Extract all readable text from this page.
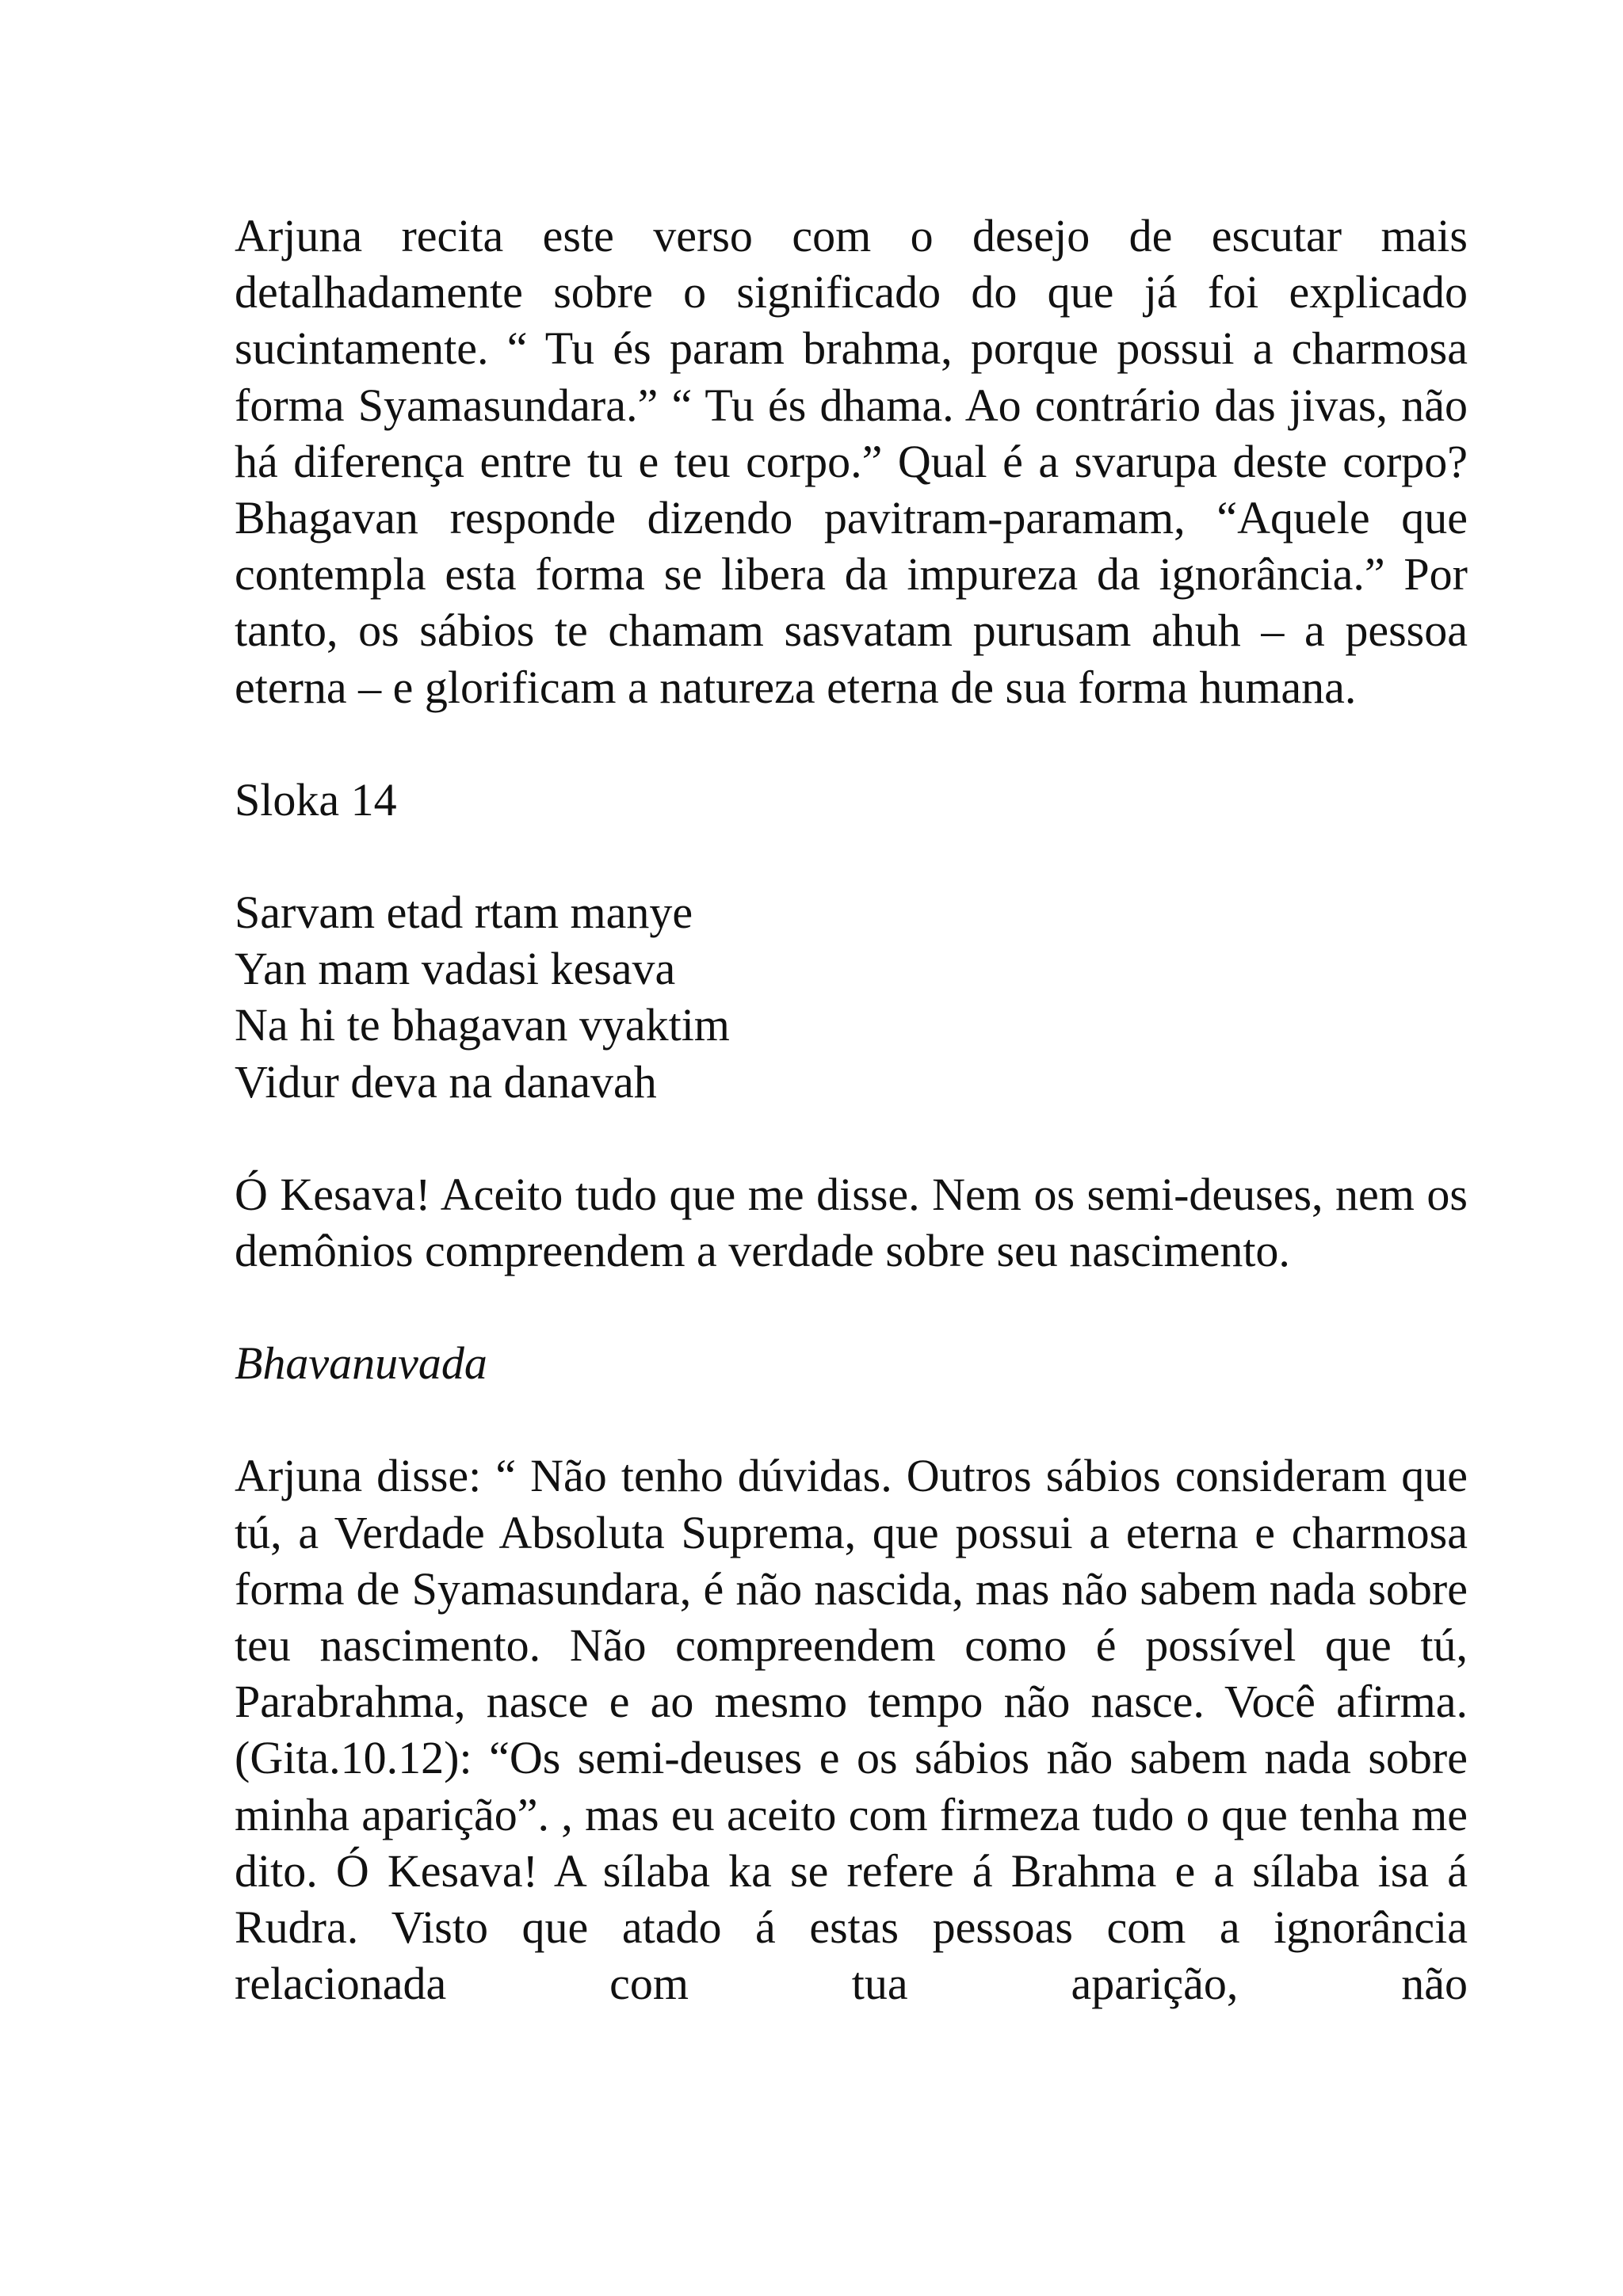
Arjuna recita este verso com o desejo de escutar mais detalhadamente sobre o significado do que já foi explicado sucintamente. “ Tu és param brahma, porque possui a charmosa forma Syamasundara.” “ Tu és dhama. Ao contrário das jivas, não há diferença entre tu e teu corpo.” Qual é a svarupa deste corpo? Bhagavan responde dizendo pavitram-paramam, “Aquele que contempla esta forma se libera da impureza da ignorância.” Por tanto, os sábios te chamam sasvatam purusam ahuh – a pessoa eterna – e glorificam a natureza eterna de sua forma humana.

Sloka 14
Sarvam etad rtam manye
Yan mam vadasi kesava
Na hi te bhagavan vyaktim
Vidur deva na danavah

Ó Kesava! Aceito tudo que me disse. Nem os semi-deuses, nem os demônios compreendem a verdade sobre seu nascimento.

Bhavanuvada

Arjuna disse: “ Não tenho dúvidas. Outros sábios consideram que tú, a Verdade Absoluta Suprema, que possui a eterna e charmosa forma de Syamasundara, é não nascida, mas não sabem nada sobre teu nascimento. Não compreendem como é possível que tú, Parabrahma, nasce e ao mesmo tempo não nasce. Você afirma. (Gita.10.12): “Os semi-deuses e os sábios não sabem nada sobre minha aparição”. , mas eu aceito com firmeza tudo o que tenha me dito. Ó Kesava! A sílaba ka se refere á Brahma e a sílaba isa á Rudra. Visto que atado á estas pessoas com a ignorância relacionada com tua aparição, não
